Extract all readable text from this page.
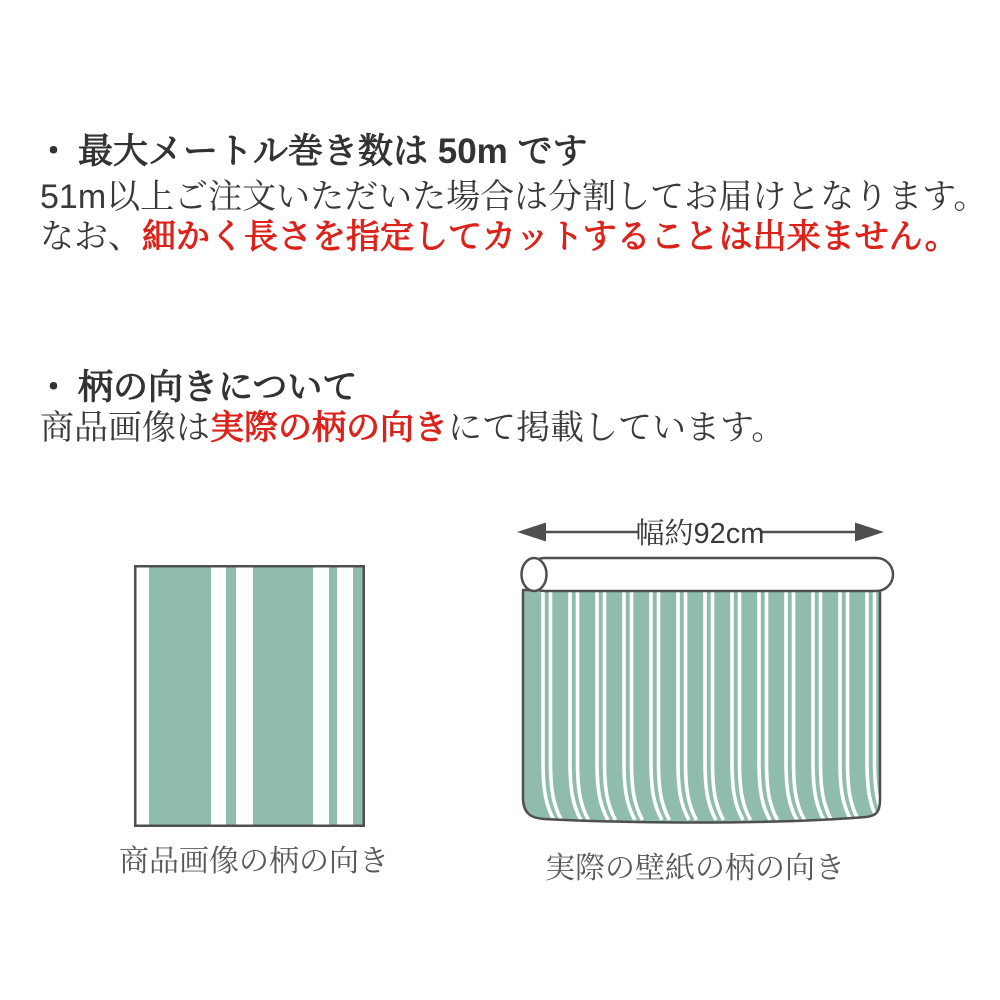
・ 最大メートル巻き数は 50m です
51m以上ご注文いただいた場合は分割してお届けとなります。
なお、細かく長さを指定してカットすることは出来ません。
・ 柄の向きについて
商品画像は実際の柄の向きにて掲載しています。
商品画像の柄の向き
幅約92cm
実際の壁紙の柄の向き
